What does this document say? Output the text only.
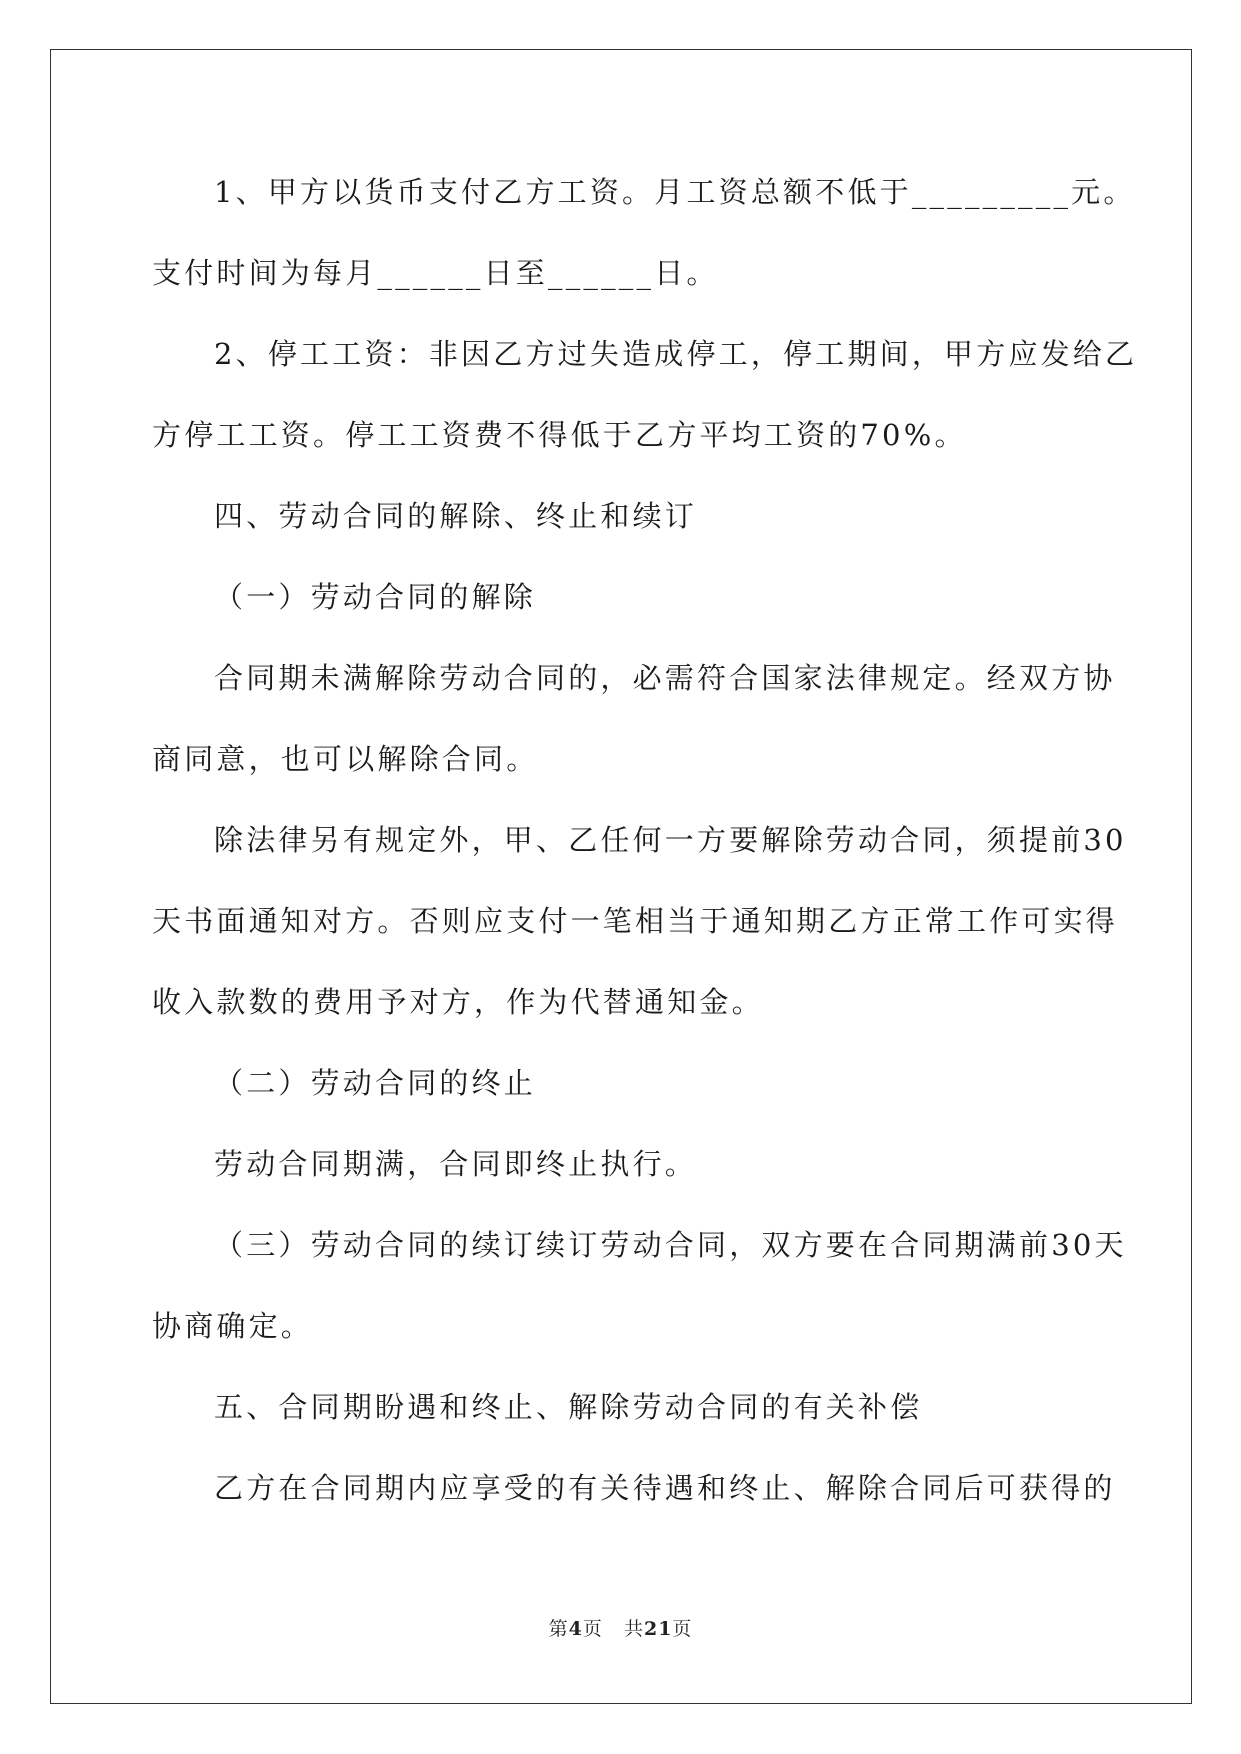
1、甲方以货币支付乙方工资。月工资总额不低于_________元。
支付时间为每月______日至______日。
2、停工工资：非因乙方过失造成停工，停工期间，甲方应发给乙
方停工工资。停工工资费不得低于乙方平均工资的70%。
四、劳动合同的解除、终止和续订
（一）劳动合同的解除
合同期未满解除劳动合同的，必需符合国家法律规定。经双方协
商同意，也可以解除合同。
除法律另有规定外，甲、乙任何一方要解除劳动合同，须提前30
天书面通知对方。否则应支付一笔相当于通知期乙方正常工作可实得
收入款数的费用予对方，作为代替通知金。
（二）劳动合同的终止
劳动合同期满，合同即终止执行。
（三）劳动合同的续订续订劳动合同，双方要在合同期满前30天
协商确定。
五、合同期盼遇和终止、解除劳动合同的有关补偿
乙方在合同期内应享受的有关待遇和终止、解除合同后可获得的
第4页 共21页
